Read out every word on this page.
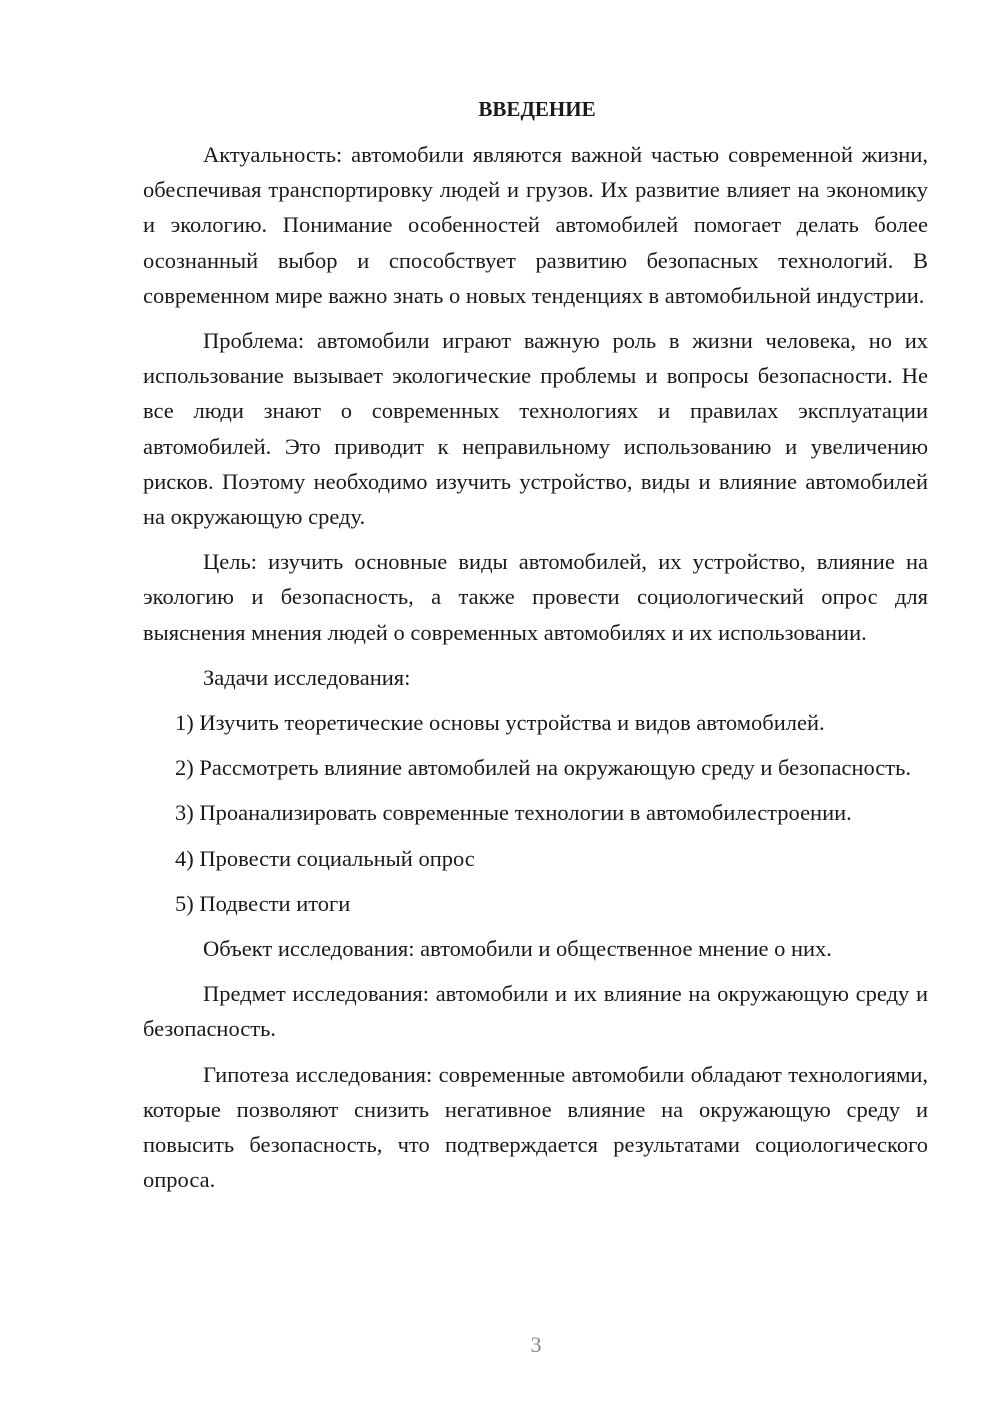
ВВЕДЕНИЕ

Актуальность: автомобили являются важной частью современной жизни, обеспечивая транспортировку людей и грузов. Их развитие влияет на экономику и экологию. Понимание особенностей автомобилей помогает делать более осознанный выбор и способствует развитию безопасных технологий. В современном мире важно знать о новых тенденциях в автомобильной индустрии.

Проблема: автомобили играют важную роль в жизни человека, но их использование вызывает экологические проблемы и вопросы безопасности. Не все люди знают о современных технологиях и правилах эксплуатации автомобилей. Это приводит к неправильному использованию и увеличению рисков. Поэтому необходимо изучить устройство, виды и влияние автомобилей на окружающую среду.

Цель: изучить основные виды автомобилей, их устройство, влияние на экологию и безопасность, а также провести социологический опрос для выяснения мнения людей о современных автомобилях и их использовании.

Задачи исследования:

1) Изучить теоретические основы устройства и видов автомобилей.

2) Рассмотреть влияние автомобилей на окружающую среду и безопасность.

3) Проанализировать современные технологии в автомобилестроении.

4) Провести социальный опрос

5) Подвести итоги

Объект исследования: автомобили и общественное мнение о них.

Предмет исследования: автомобили и их влияние на окружающую среду и безопасность.

Гипотеза исследования: современные автомобили обладают технологиями, которые позволяют снизить негативное влияние на окружающую среду и повысить безопасность, что подтверждается результатами социологического опроса.

3
